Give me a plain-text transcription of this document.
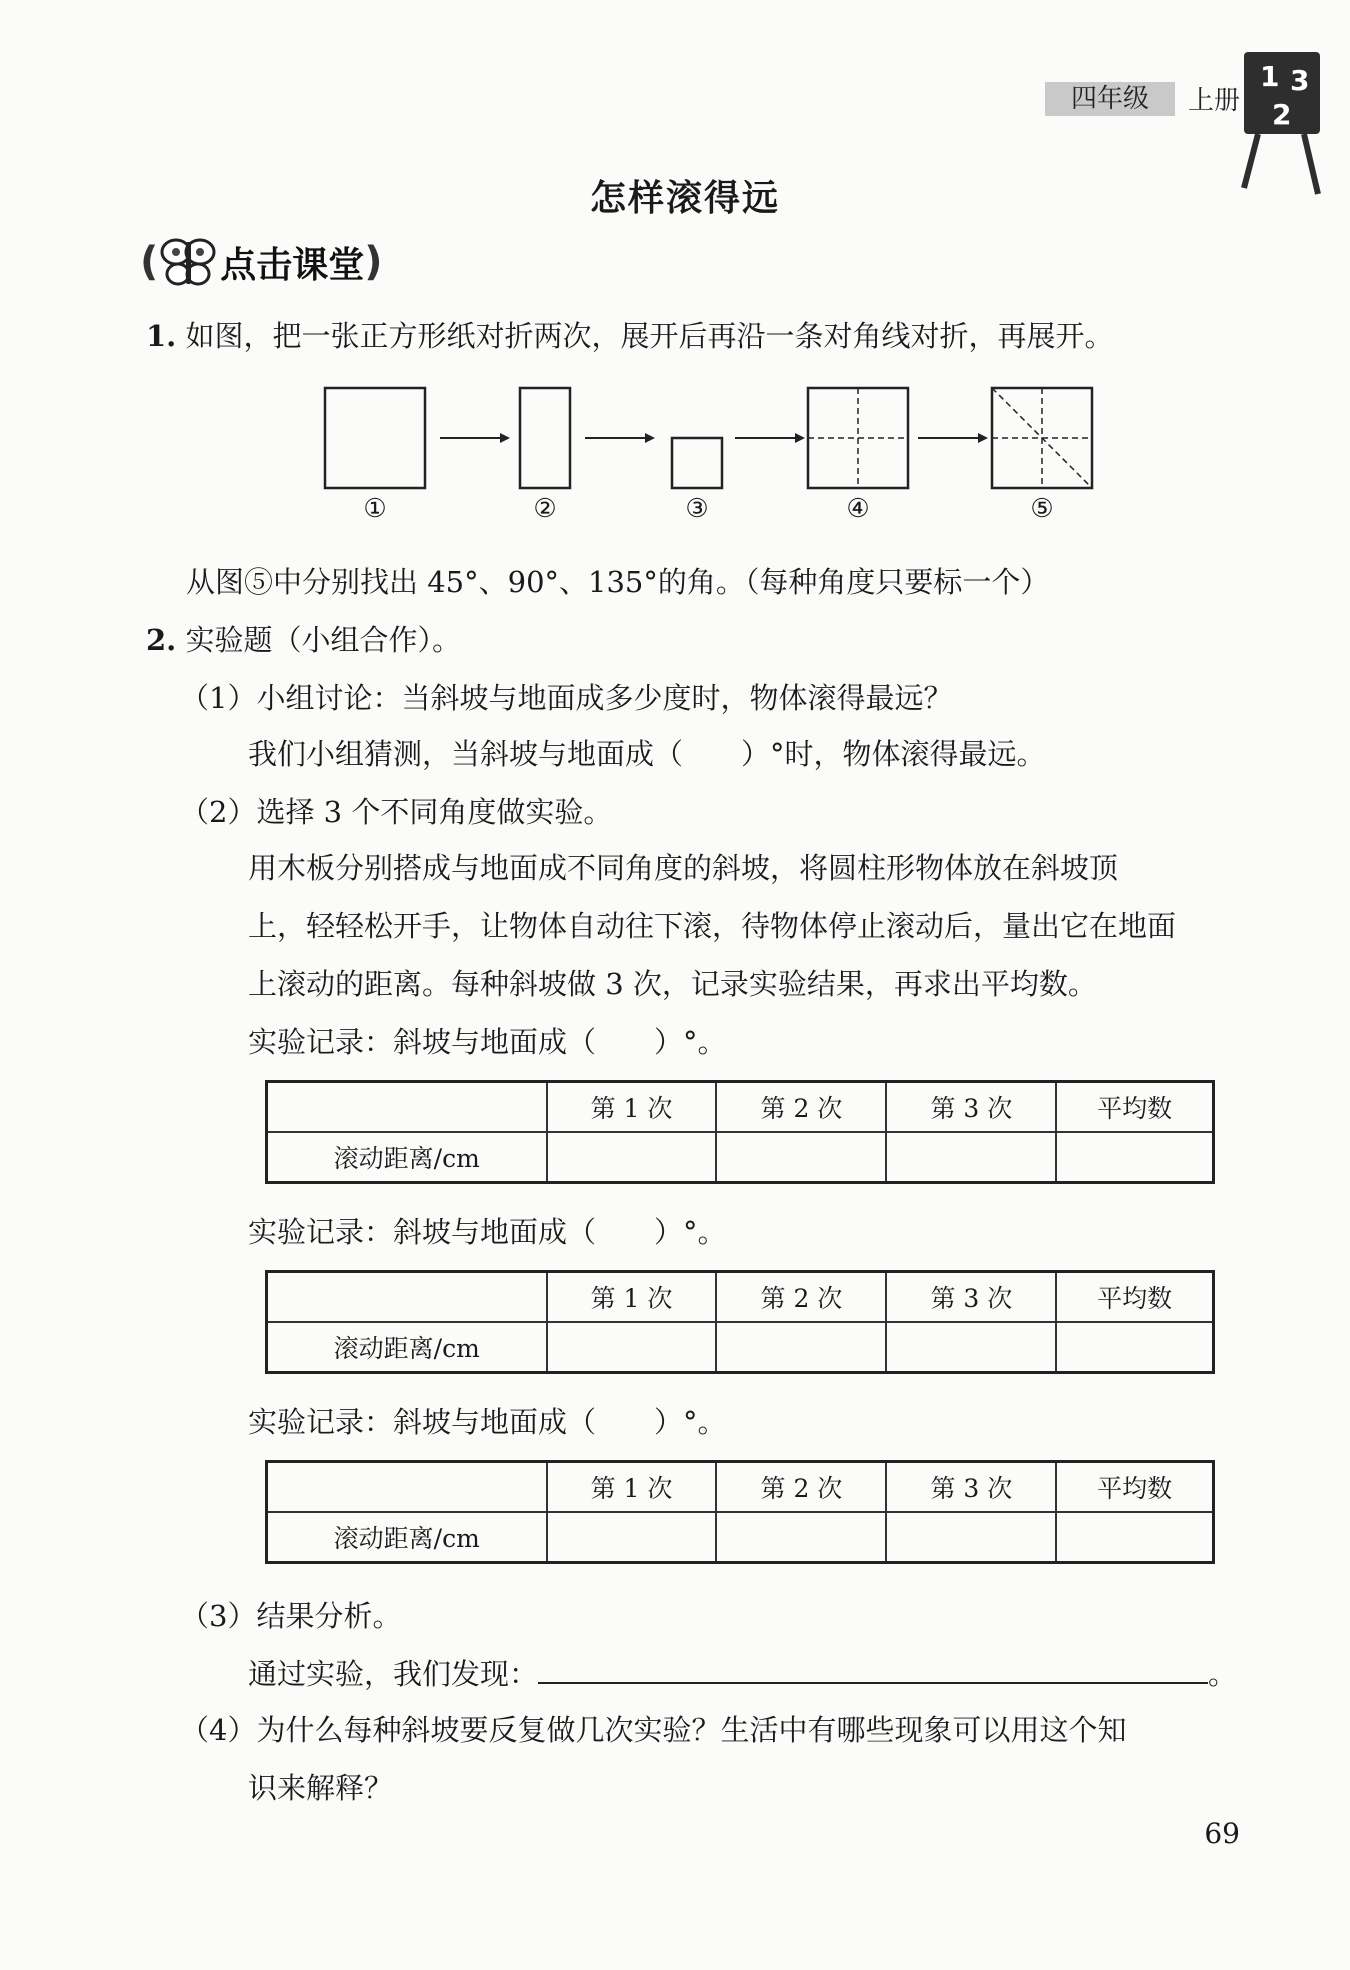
四年级	上册
1 3
2
怎样滚得远
( 点击课堂 )
1. 如图，把一张正方形纸对折两次，展开后再沿一条对角线对折，再展开。
①	②	③	④	⑤
从图⑤中分别找出 45°、90°、135°的角。（每种角度只要标一个）
2. 实验题（小组合作）。
（1）小组讨论：当斜坡与地面成多少度时，物体滚得最远？
我们小组猜测，当斜坡与地面成（　　）°时，物体滚得最远。
（2）选择 3 个不同角度做实验。
用木板分别搭成与地面成不同角度的斜坡，将圆柱形物体放在斜坡顶
上，轻轻松开手，让物体自动往下滚，待物体停止滚动后，量出它在地面
上滚动的距离。每种斜坡做 3 次，记录实验结果，再求出平均数。
实验记录：斜坡与地面成（　　）°。
	第 1 次	第 2 次	第 3 次	平均数
滚动距离/cm				
实验记录：斜坡与地面成（　　）°。
	第 1 次	第 2 次	第 3 次	平均数
滚动距离/cm				
实验记录：斜坡与地面成（　　）°。
	第 1 次	第 2 次	第 3 次	平均数
滚动距离/cm				
（3）结果分析。
通过实验，我们发现：	。
（4）为什么每种斜坡要反复做几次实验？生活中有哪些现象可以用这个知
识来解释？
69
